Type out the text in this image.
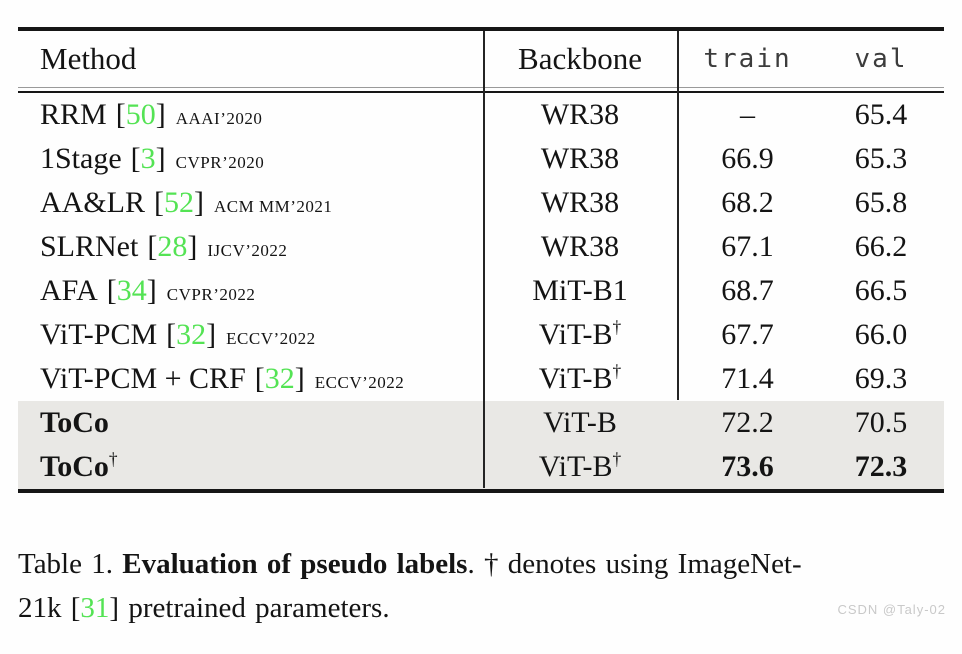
Method	Backbone	train	val
RRM [50] AAAI’2020	WR38	–	65.4
1Stage [3] CVPR’2020	WR38	66.9	65.3
AA&LR [52] ACM MM’2021	WR38	68.2	65.8
SLRNet [28] IJCV’2022	WR38	67.1	66.2
AFA [34] CVPR’2022	MiT-B1	68.7	66.5
ViT-PCM [32] ECCV’2022	ViT-B†	67.7	66.0
ViT-PCM + CRF [32] ECCV’2022	ViT-B†	71.4	69.3
ToCo	ViT-B	72.2	70.5
ToCo†	ViT-B†	73.6	72.3
Table 1. Evaluation of pseudo labels. † denotes using ImageNet-
21k [31] pretrained parameters.	CSDN @Taly-02
